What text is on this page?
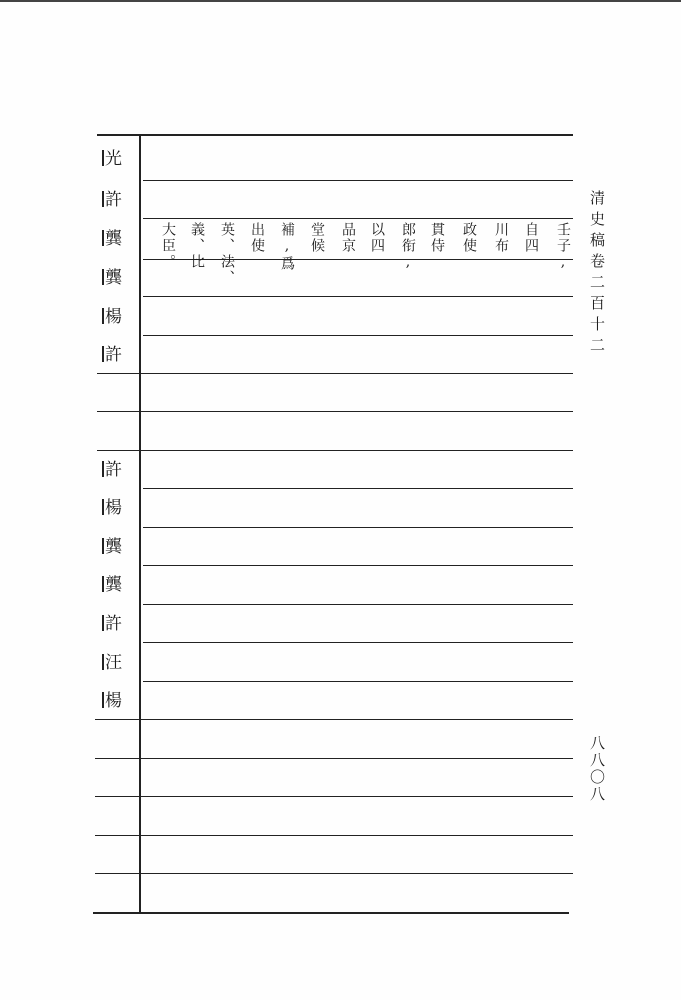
光
許
龔
龔
楊
許
許
楊
龔
龔
許
汪
楊
壬子,
自四
川布
政使
貫侍
郎衔,
以四
品京
堂候
補,爲
出使
英、法、
義、比
大臣。	清史稿卷二百十二
八八〇八
